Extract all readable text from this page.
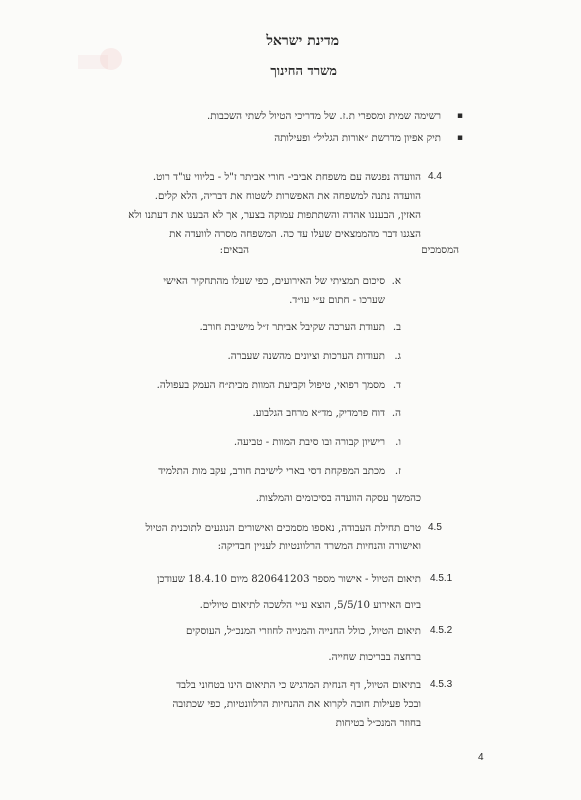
מדינת ישראל
משרד החינוך
▪
רשימה שמית ומספרי ת.ז. של מדריכי הטיול לשתי השכבות.
▪
תיק אפיון מדרשת ״אורות הגליל״ ופעילותה
4.4
הוועדה נפגשה עם משפחת אביבי- חורי אביתר ז"ל - בליווי עו"ד רוט.
הוועדה נתנה למשפחה את האפשרות לשטוח את דבריה, הלא קלים.
האזין, הבעננו אהדה והשתתפות עמוקה בצער, אך לא הבענו את דעתנו ולא
הצגנו דבר מהממצאים שעלו עד כה. המשפחה מסרה לוועדה את
המסמכים
הבאים:
א.
סיכום תמציתי של האירועים, כפי שעלו מהתחקיר האישי
שערכו - חתום ע״י עו״ד.
ב.
תעודת הערכה שקיבל אביתר ז״ל מישיבת חורב.
ג.
תעודות הערכות וציונים מהשנה שעברה.
ד.
מסמך רפואי, טיפול וקביעת המוות מבית״ח העמק בעפולה.
ה.
דוח פרמדיק, מד״א מרחב הגלבוע.
ו.
רישיון קבורה ובו סיבת המוות - טביעה.
ז.
מכתב המפקחת דסי בארי לישיבת חורב, עקב מות התלמיד
כהמשך עסקה הוועדה בסיכומים והמלצות.
4.5
טרם תחילת העבודה, נאספו מסמכים ואישורים הנוגעים לתוכנית הטיול
ואישורה והנחיות המשרד הרלוונטיות לעניין חבדיקה:
4.5.1
תיאום הטיול - אישור מספר 820641203 מיום 18.4.10 שעודכן
ביום האירוע 5/5/10, הוצא ע״י הלשכה לתיאום טיולים.
4.5.2
תיאום הטיול, כולל החנייה והמנייה לחוזרי המנכ״ל, העוסקים
ברחצה בבריכות שחייה.
4.5.3
בתיאום הטיול, דף הנחית המדגיש כי התיאום הינו בטחוני בלבד
ובכל פעילות חובה לקרוא את ההנחיות הרלוונטיות, כפי שכתובה
בחוזר המנכ״ל בטיחות
4
